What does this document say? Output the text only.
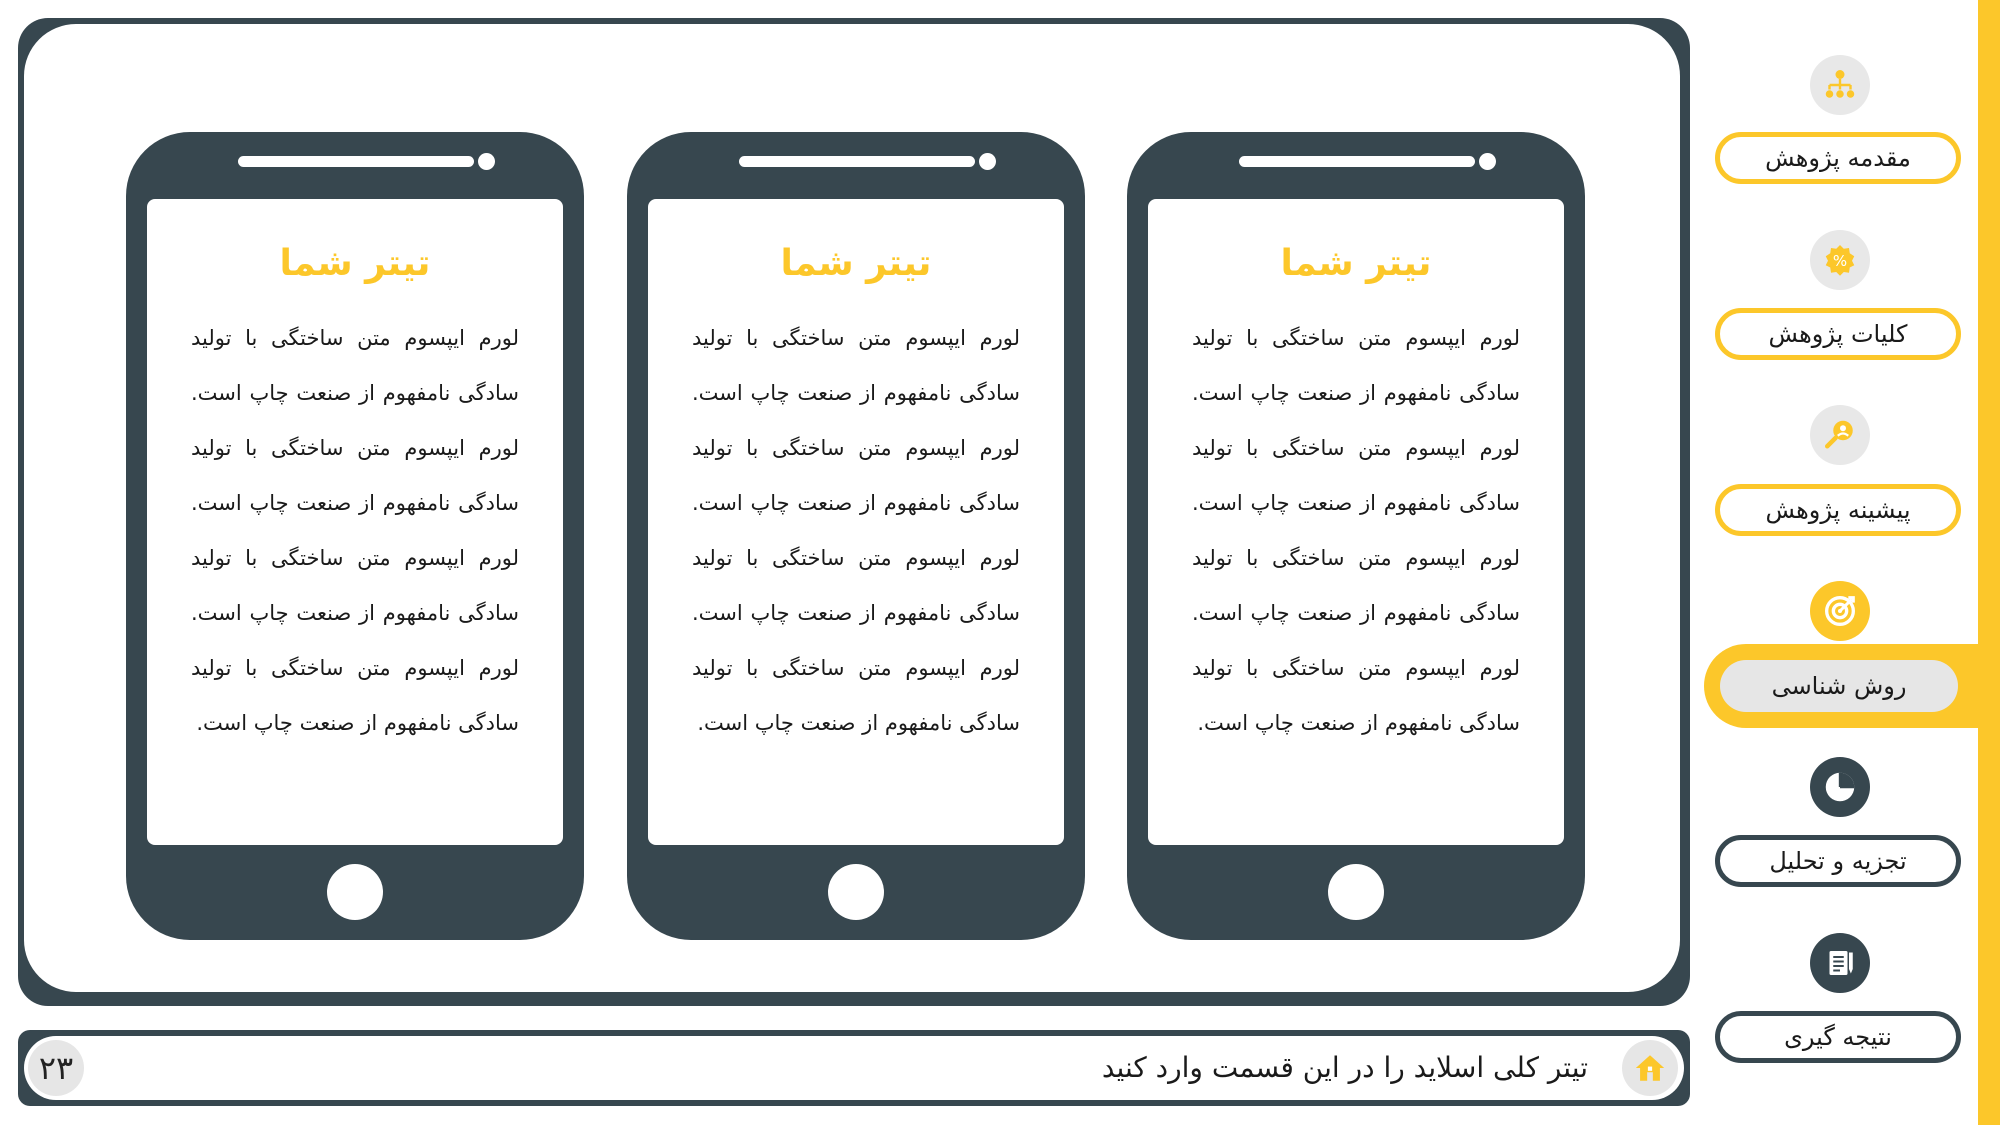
تیتر شما
لورم ایپسوم متن ساختگی با تولید سادگی نامفهوم از صنعت چاپ است. لورم ایپسوم متن ساختگی با تولید سادگی نامفهوم از صنعت چاپ است. لورم ایپسوم متن ساختگی با تولید سادگی نامفهوم از صنعت چاپ است. لورم ایپسوم متن ساختگی با تولید سادگی نامفهوم از صنعت چاپ است.
تیتر شما
لورم ایپسوم متن ساختگی با تولید سادگی نامفهوم از صنعت چاپ است. لورم ایپسوم متن ساختگی با تولید سادگی نامفهوم از صنعت چاپ است. لورم ایپسوم متن ساختگی با تولید سادگی نامفهوم از صنعت چاپ است. لورم ایپسوم متن ساختگی با تولید سادگی نامفهوم از صنعت چاپ است.
تیتر شما
لورم ایپسوم متن ساختگی با تولید سادگی نامفهوم از صنعت چاپ است. لورم ایپسوم متن ساختگی با تولید سادگی نامفهوم از صنعت چاپ است. لورم ایپسوم متن ساختگی با تولید سادگی نامفهوم از صنعت چاپ است. لورم ایپسوم متن ساختگی با تولید سادگی نامفهوم از صنعت چاپ است.
۲۳	تیتر کلی اسلاید را در این قسمت وارد کنید
مقدمه پژوهش
%
کلیات پژوهش
پیشینه پژوهش
روش شناسی
تجزیه و تحلیل
نتیجه گیری
